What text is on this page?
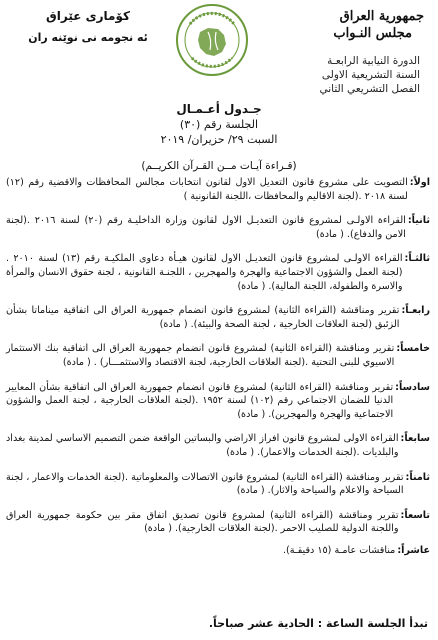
جمهورية العراق
مجلس النـواب
الدورة النيابية الرابعـة
السنة التشريعية الاولى
الفصل التشريعي الثاني
كۆمارى عێراق
ئه نجومه نى نوێنه ران
جـدول أعـمـال
الجلسة رقم (٣٠)
السبت ٢٩/ حزيران/ ٢٠١٩
(قـراءة آيـات مــن القـرآن الكريــم)
اولاً:
التصويت على مشروع قانون التعديل الاول لقانون انتخابات مجالس المحافظات والاقضية رقم (١٢) لسنة ٢٠١٨ .(لجنة الاقاليم والمحافظات ،اللجنة القانونية )
ثانياً:
القراءة الاولـى لمشروع قانون التعديـل الاول لقانون وزارة الداخليـة رقم (٢٠) لسنة ٢٠١٦ .(لجنة الامن والدفاع). ( مادة)
ثالثـاً:
القراءة الاولـى لمشروع قانون التعديـل الاول لقانون هيـأة دعاوى الملكيـة رقم (١٣) لسنة ٢٠١٠ .(لجنة العمل والشؤون الاجتماعية والهجرة والمهجرين ، اللجنـة القانونية ، لجنة حقوق الانسان والمرأة والاسرة والطفولة، اللجنة المالية). ( مادة)
رابعـاً:
تقرير ومناقشة (القراءة الثانية) لمشروع قانون انضمام جمهورية العراق الى اتفاقية ميناماتا بشأن الزئبق (لجنة العلاقات الخارجية ، لجنة الصحة والبيئة). ( مادة)
خامساً:
تقرير ومناقشة (القراءة الثانية) لمشروع قانون انضمام جمهورية العراق الى اتفاقية بنك الاستثمار الاسيوي للبنى التحتية .(لجنة العلاقات الخارجية، لجنة الاقتصاد والاستثمـــار) . ( مادة)
سادساً:
تقرير ومناقشة (القراءة الثانية) لمشروع قانون انضمام جمهورية العراق الى اتفاقية بشأن المعايير الدنيا للضمان الاجتماعي رقم (١٠٢) لسنة ١٩٥٢ .(لجنة العلاقات الخارجية ، لجنة العمل والشؤون الاجتماعية والهجرة والمهجرين). ( مادة)
سابعاً:
القراءة الاولى لمشروع قانون افراز الاراضي والبساتين الواقعة ضمن التصميم الاساسي لمدينة بغداد والبلديات .(لجنة الخدمات والاعمار). ( مادة)
ثامناً:
تقرير ومناقشة (القراءة الثانية) لمشروع قانون الاتصالات والمعلوماتية .(لجنة الخدمات والاعمار ، لجنة السياحة والاعلام والسياحة والاثار). ( مادة)
تاسعاً:
تقرير ومناقشة (القراءة الثانية) لمشروع قانون تصديق اتفاق مقر بين حكومة جمهورية العراق واللجنة الدولية للصليب الاحمر .(لجنة العلاقات الخارجية). ( مادة)
عاشراً:
مناقشات عامـة (١٥ دقيقـة).
تبدأ الجلسة الساعة : الحادية عشر صباحاً.
